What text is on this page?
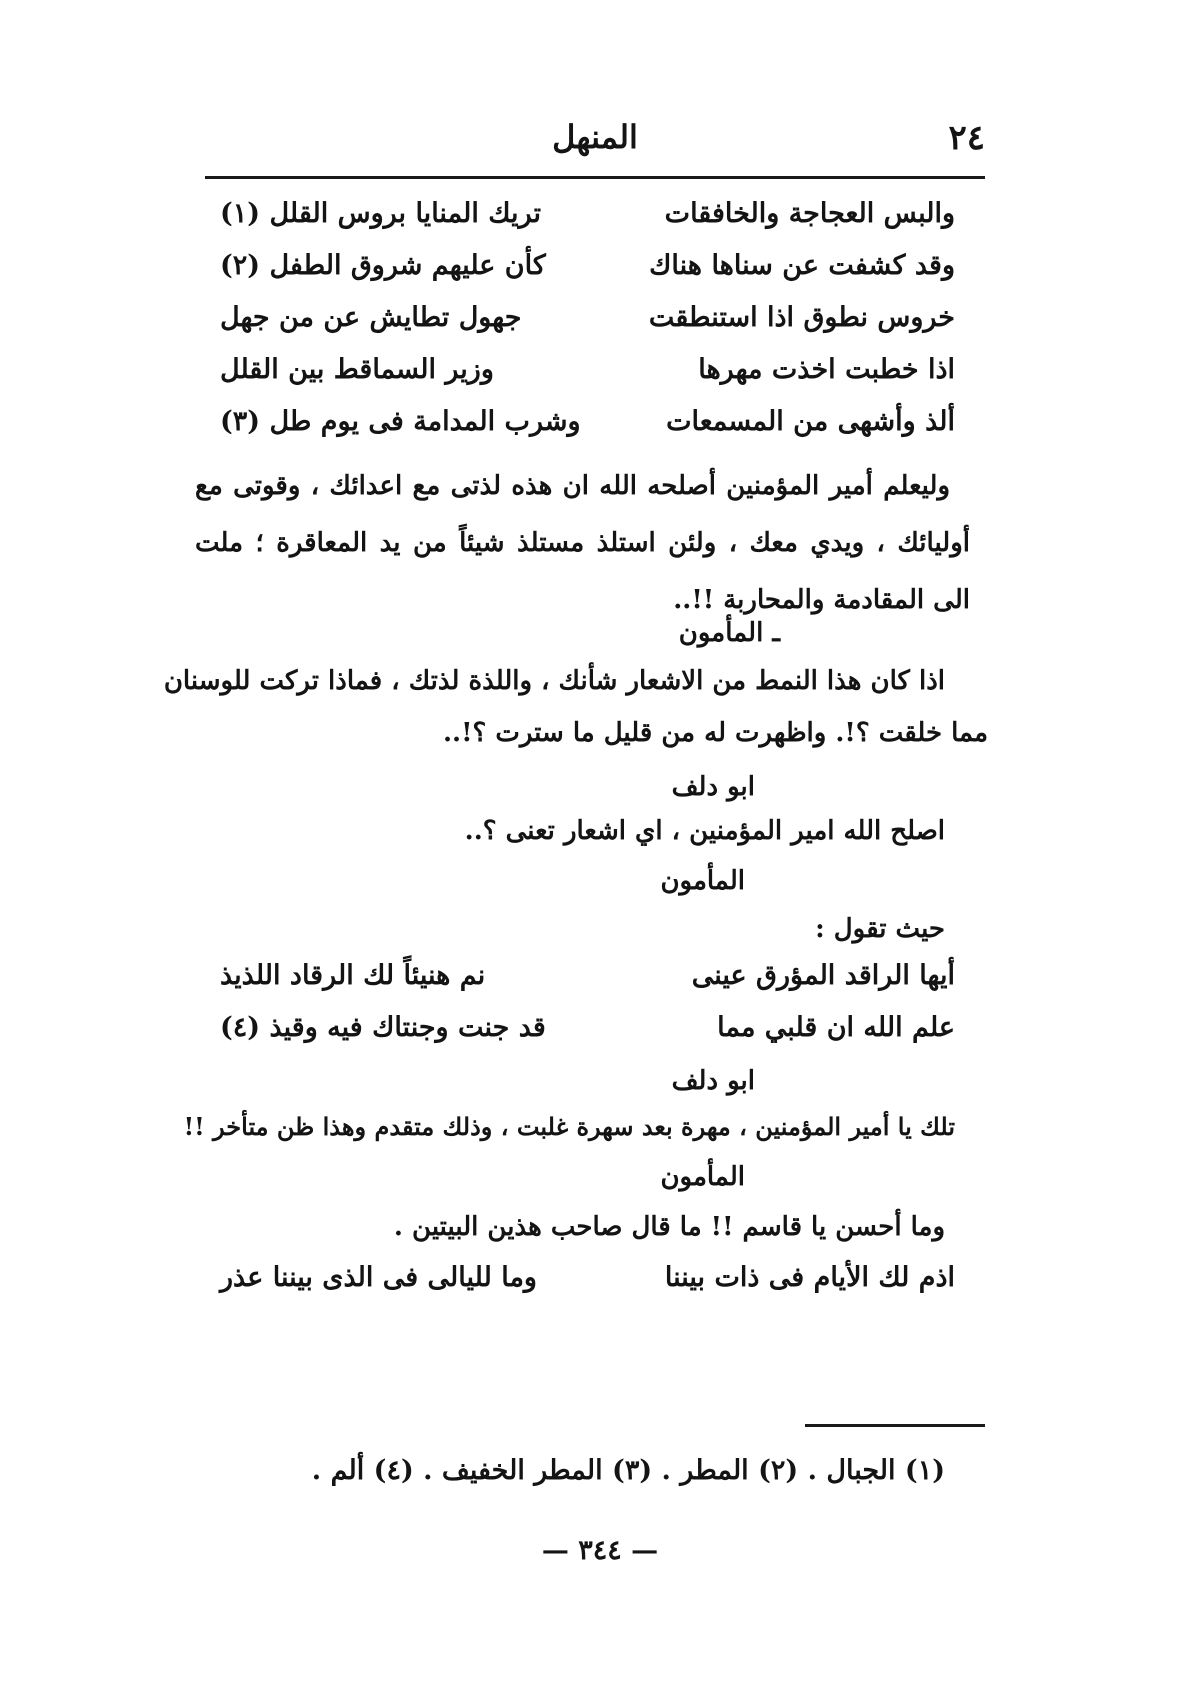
٢٤
المنهل
والبس العجاجة والخافقات
تريك المنايا بروس القلل (١)
وقد كشفت عن سناها هناك
كأن عليهم شروق الطفل (٢)
خروس نطوق اذا استنطقت
جهول تطايش عن من جهل
اذا خطبت اخذت مهرها
وزير السماقط بين القلل
ألذ وأشهى من المسمعات
وشرب المدامة فى يوم طل (٣)
وليعلم أمير المؤمنين أصلحه الله ان هذه لذتى مع اعدائك ، وقوتى مع أوليائك ، ويدي معك ، ولئن استلذ مستلذ شيئاً من يد المعاقرة ؛ ملت الى المقادمة والمحاربة !!..
ـ المأمون
اذا كان هذا النمط من الاشعار شأنك ، واللذة لذتك ، فماذا تركت للوسنان
مما خلقت ؟!. واظهرت له من قليل ما سترت ؟!..
ابو دلف
اصلح الله امير المؤمنين ، اي اشعار تعنى ؟..
المأمون
حيث تقول :
أيها الراقد المؤرق عينى
نم هنيئاً لك الرقاد اللذيذ
علم الله ان قلبي مما
قد جنت وجنتاك فيه وقيذ (٤)
ابو دلف
تلك يا أمير المؤمنين ، مهرة بعد سهرة غلبت ، وذلك متقدم وهذا ظن متأخر !!
المأمون
وما أحسن يا قاسم !! ما قال صاحب هذين البيتين .
اذم لك الأيام فى ذات بيننا
وما لليالى فى الذى بيننا عذر
(١) الجبال . (٢) المطر . (٣) المطر الخفيف . (٤) ألم .
— ٣٤٤ —
